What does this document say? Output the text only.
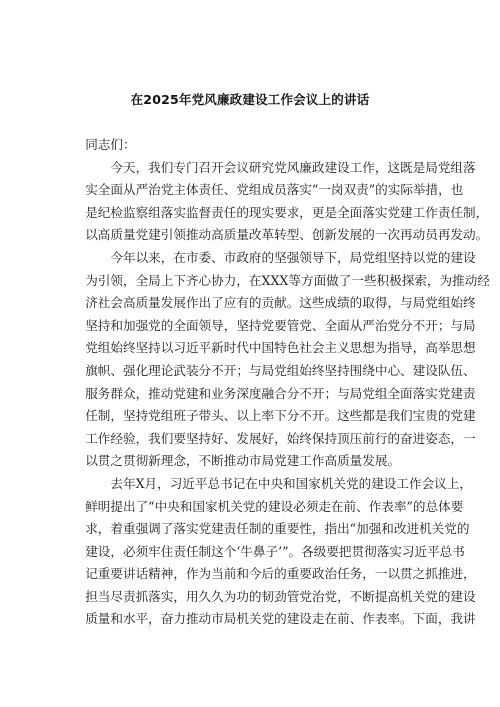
在2025年党风廉政建设工作会议上的讲话

同志们：

今天，我们专门召开会议研究党风廉政建设工作，这既是局党组落
实全面从严治党主体责任、党组成员落实“一岗双责”的实际举措，也
是纪检监察组落实监督责任的现实要求，更是全面落实党建工作责任制，
以高质量党建引领推动高质量改革转型、创新发展的一次再动员再发动。

今年以来，在市委、市政府的坚强领导下，局党组坚持以党的建设
为引领，全局上下齐心协力，在XXX等方面做了一些积极探索，为推动经
济社会高质量发展作出了应有的贡献。这些成绩的取得，与局党组始终
坚持和加强党的全面领导，坚持党要管党、全面从严治党分不开；与局
党组始终坚持以习近平新时代中国特色社会主义思想为指导，高举思想
旗帜、强化理论武装分不开；与局党组始终坚持围绕中心、建设队伍、
服务群众，推动党建和业务深度融合分不开；与局党组全面落实党建责
任制，坚持党组班子带头、以上率下分不开。这些都是我们宝贵的党建
工作经验，我们要坚持好、发展好，始终保持顶压前行的奋进姿态，一
以贯之贯彻新理念，不断推动市局党建工作高质量发展。

去年X月，习近平总书记在中央和国家机关党的建设工作会议上，
鲜明提出了“中央和国家机关党的建设必须走在前、作表率”的总体要
求，着重强调了落实党建责任制的重要性，指出“加强和改进机关党的
建设，必须牢住责任制这个‘牛鼻子’”。各级要把贯彻落实习近平总书
记重要讲话精神，作为当前和今后的重要政治任务，一以贯之抓推进，
担当尽责抓落实，用久久为功的韧劲管党治党，不断提高机关党的建设
质量和水平，奋力推动市局机关党的建设走在前、作表率。下面，我讲
